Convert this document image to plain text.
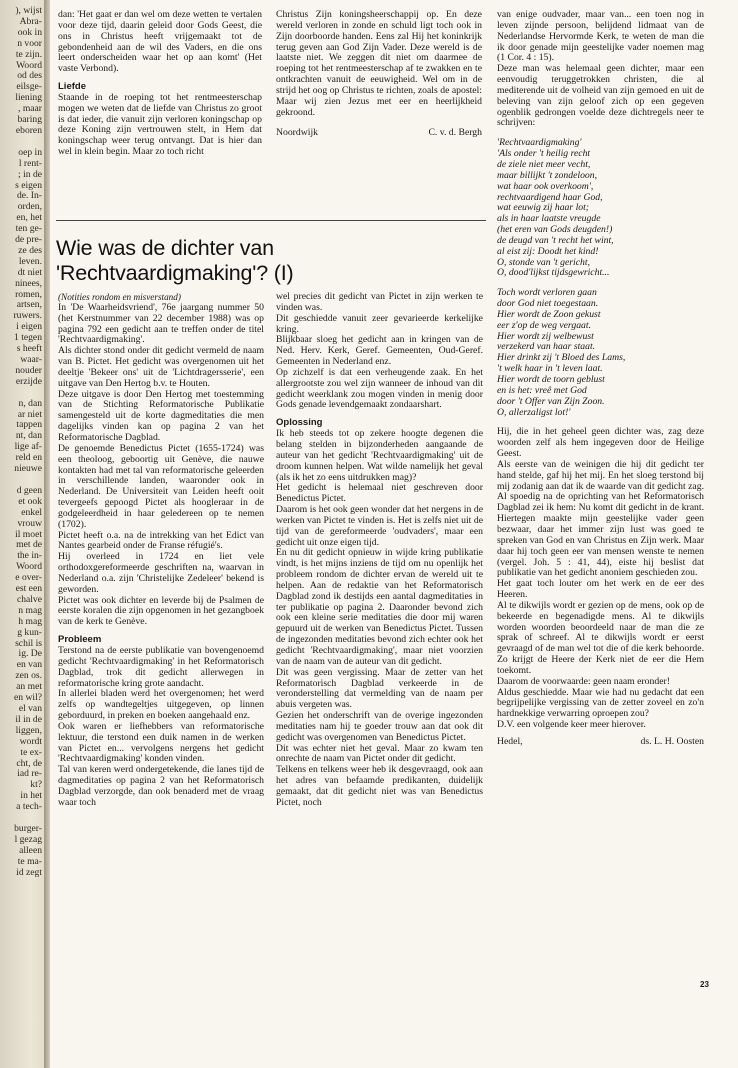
), wijst
Abra-
ook in
n voor
te zijn.
Woord
od des
eilsge-
liening
, maar
baring
eboren

oep in
l rent-
; in de
s eigen
de. In-
orden,
en, het
ten ge-
de pre-
ze des
leven.
dt niet
ninees,
romen,
artsen,
ruwers.
i eigen
1 tegen
s heeft
waar-
nouder
erzijde

n, dan
ar niet
tappen
nt, dan
lige af-
reld en
nieuwe

d geen
et ook
enkel
vrouw
il moet
met de
the in-
Woord
e over-
est een
chalve
n mag
h mag
g kun-
schil is
ig. De
en van
zen os.
an met
en wil?
el van
il in de
liggen,
wordt
te ex-
cht, de
iad re-
kt?
in het
a tech-

burger-
l gezag
alleen
te ma-
id zegt

dan: 'Het gaat er dan wel om deze wetten te vertalen voor deze tijd, daarin geleid door Gods Geest, die ons in Christus heeft vrijgemaakt tot de gebondenheid aan de wil des Vaders, en die ons leert onderscheiden waar het op aan komt' (Het vaste Verbond).

Liefde

Staande in de roeping tot het rentmeesterschap mogen we weten dat de liefde van Christus zo groot is dat ieder, die vanuit zijn verloren koningschap op deze Koning zijn vertrouwen stelt, in Hem dat koningschap weer terug ontvangt. Dat is hier dan wel in klein begin. Maar zo toch richt

Christus Zijn koningsheerschappij op. En deze wereld verloren in zonde en schuld ligt toch ook in Zijn doorboorde handen. Eens zal Hij het koninkrijk terug geven aan God Zijn Vader. Deze wereld is de laatste niet. We zeggen dit niet om daarmee de roeping tot het rentmeesterschap af te zwakken en te ontkrachten vanuit de eeuwigheid. Wel om in de strijd het oog op Christus te richten, zoals de apostel: Maar wij zien Jezus met eer en heerlijkheid gekroond.

Noordwijk	C. v. d. Bergh
Wie was de dichter van 'Rechtvaardigmaking'? (I)

(Notities rondom en misverstand)

In 'De Waarheidsvriend', 76e jaargang nummer 50 (het Kerstnummer van 22 december 1988) was op pagina 792 een gedicht aan te treffen onder de titel 'Rechtvaardigmaking'.

Als dichter stond onder dit gedicht vermeld de naam van B. Pictet. Het gedicht was overgenomen uit het deeltje 'Bekeer ons' uit de 'Lichtdragersserie', een uitgave van Den Hertog b.v. te Houten.

Deze uitgave is door Den Hertog met toestemming van de Stichting Reformatorische Publikatie samengesteld uit de korte dagmeditaties die men dagelijks vinden kan op pagina 2 van het Reformatorische Dagblad.

De genoemde Benedictus Pictet (1655-1724) was een theoloog, geboortig uit Genève, die nauwe kontakten had met tal van reformatorische geleerden in verschillende landen, waaronder ook in Nederland. De Universiteit van Leiden heeft ooit tevergeefs gepoogd Pictet als hoogleraar in de godgeleerdheid in haar geledereen op te nemen (1702).

Pictet heeft o.a. na de intrekking van het Edict van Nantes gearbeid onder de Franse réfugié's.

Hij overleed in 1724 en liet vele orthodoxgereformeerde geschriften na, waarvan in Nederland o.a. zijn 'Christelijke Zedeleer' bekend is geworden.

Pictet was ook dichter en leverde bij de Psalmen de eerste koralen die zijn opgenomen in het gezangboek van de kerk te Genève.

Probleem

Terstond na de eerste publikatie van bovengenoemd gedicht 'Rechtvaardigmaking' in het Reformatorisch Dagblad, trok dit gedicht allerwegen in reformatorische kring grote aandacht.

In allerlei bladen werd het overgenomen; het werd zelfs op wandtegeltjes uitgegeven, op linnen geborduurd, in preken en boeken aangehaald enz.

Ook waren er liefhebbers van reformatorische lektuur, die terstond een duik namen in de werken van Pictet en... vervolgens nergens het gedicht 'Rechtvaardigmaking' konden vinden.

Tal van keren werd ondergetekende, die lanes tijd de dagmeditaties op pagina 2 van het Reformatorisch Dagblad verzorgde, dan ook benaderd met de vraag waar toch

wel precies dit gedicht van Pictet in zijn werken te vinden was.

Dit geschiedde vanuit zeer gevarieerde kerkelijke kring.

Blijkbaar sloeg het gedicht aan in kringen van de Ned. Herv. Kerk, Geref. Gemeenten, Oud-Geref. Gemeenten in Nederland enz.

Op zichzelf is dat een verheugende zaak. En het allergrootste zou wel zijn wanneer de inhoud van dit gedicht weerklank zou mogen vinden in menig door Gods genade levendgemaakt zondaarshart.

Oplossing

Ik heb steeds tot op zekere hoogte degenen die belang stelden in bijzonderheden aangaande de auteur van het gedicht 'Rechtvaardigmaking' uit de droom kunnen helpen. Wat wilde namelijk het geval (als ik het zo eens uitdrukken mag)?

Het gedicht is helemaal niet geschreven door Benedictus Pictet.

Daarom is het ook geen wonder dat het nergens in de werken van Pictet te vinden is. Het is zelfs niet uit de tijd van de gereformeerde 'oudvaders', maar een gedicht uit onze eigen tijd.

En nu dit gedicht opnieuw in wijde kring publikatie vindt, is het mijns inziens de tijd om nu openlijk het probleem rondom de dichter ervan de wereld uit te helpen. Aan de redaktie van het Reformatorisch Dagblad zond ik destijds een aantal dagmeditaties in ter publikatie op pagina 2. Daaronder bevond zich ook een kleine serie meditaties die door mij waren gepuurd uit de werken van Benedictus Pictet. Tussen de ingezonden meditaties bevond zich echter ook het gedicht 'Rechtvaardigmaking', maar niet voorzien van de naam van de auteur van dit gedicht.

Dit was geen vergissing. Maar de zetter van het Reformatorisch Dagblad verkeerde in de veronderstelling dat vermelding van de naam per abuis vergeten was.

Gezien het onderschrift van de overige ingezonden meditaties nam hij te goeder trouw aan dat ook dit gedicht was overgenomen van Benedictus Pictet.

Dit was echter niet het geval. Maar zo kwam ten onrechte de naam van Pictet onder dit gedicht.

Telkens en telkens weer heb ik desgevraagd, ook aan het adres van befaamde predikanten, duidelijk gemaakt, dat dit gedicht niet was van Benedictus Pictet, noch

van enige oudvader, maar van... een toen nog in leven zijnde persoon, belijdend lidmaat van de Nederlandse Hervormde Kerk, te weten de man die ik door genade mijn geestelijke vader noemen mag (1 Cor. 4 : 15).

Deze man was helemaal geen dichter, maar een eenvoudig teruggetrokken christen, die al mediterende uit de volheid van zijn gemoed en uit de beleving van zijn geloof zich op een gegeven ogenblik gedrongen voelde deze dichtregels neer te schrijven:

'Rechtvaardigmaking'
'Als onder 't heilig recht
de ziele niet meer vecht,
maar billijkt 't zondeloon,
wat haar ook overkoom',
rechtvaardigend haar God,
wat eeuwig zij haar lot;
als in haar laatste vreugde
(het eren van Gods deugden!)
de deugd van 't recht het wint,
al eist zij: Doodt het kind!
O, stonde van 't gericht,
O, dood'lijkst tijdsgewricht...
Toch wordt verloren gaan
door God niet toegestaan.
Hier wordt de Zoon gekust
eer z'op de weg vergaat.
Hier wordt zij welbewust
verzekerd van haar staat.
Hier drinkt zij 't Bloed des Lams,
't welk haar in 't leven laat.
Hier wordt de toorn geblust
en is het: vreê met God
door 't Offer van Zijn Zoon.
O, allerzaligst lot!'

Hij, die in het geheel geen dichter was, zag deze woorden zelf als hem ingegeven door de Heilige Geest.

Als eerste van de weinigen die hij dit gedicht ter hand stelde, gaf hij het mij. En het sloeg terstond bij mij zodanig aan dat ik de waarde van dit gedicht zag. Al spoedig na de oprichting van het Reformatorisch Dagblad zei ik hem: Nu komt dit gedicht in de krant. Hiertegen maakte mijn geestelijke vader geen bezwaar, daar het immer zijn lust was goed te spreken van God en van Christus en Zijn werk. Maar daar hij toch geen eer van mensen wenste te nemen (vergel. Joh. 5 : 41, 44), eiste hij beslist dat publikatie van het gedicht anoniem geschieden zou.

Het gaat toch louter om het werk en de eer des Heeren.

Al te dikwijls wordt er gezien op de mens, ook op de bekeerde en begenadigde mens. Al te dikwijls worden woorden beoordeeld naar de man die ze sprak of schreef. Al te dikwijls wordt er eerst gevraagd of de man wel tot die of die kerk behoorde. Zo krijgt de Heere der Kerk niet de eer die Hem toekomt.

Daarom de voorwaarde: geen naam eronder!

Aldus geschiedde. Maar wie had nu gedacht dat een begrijpelijke vergissing van de zetter zoveel en zo'n hardnekkige verwarring oproepen zou?

D.V. een volgende keer meer hierover.

Hedel,	ds. L. H. Oosten
23
